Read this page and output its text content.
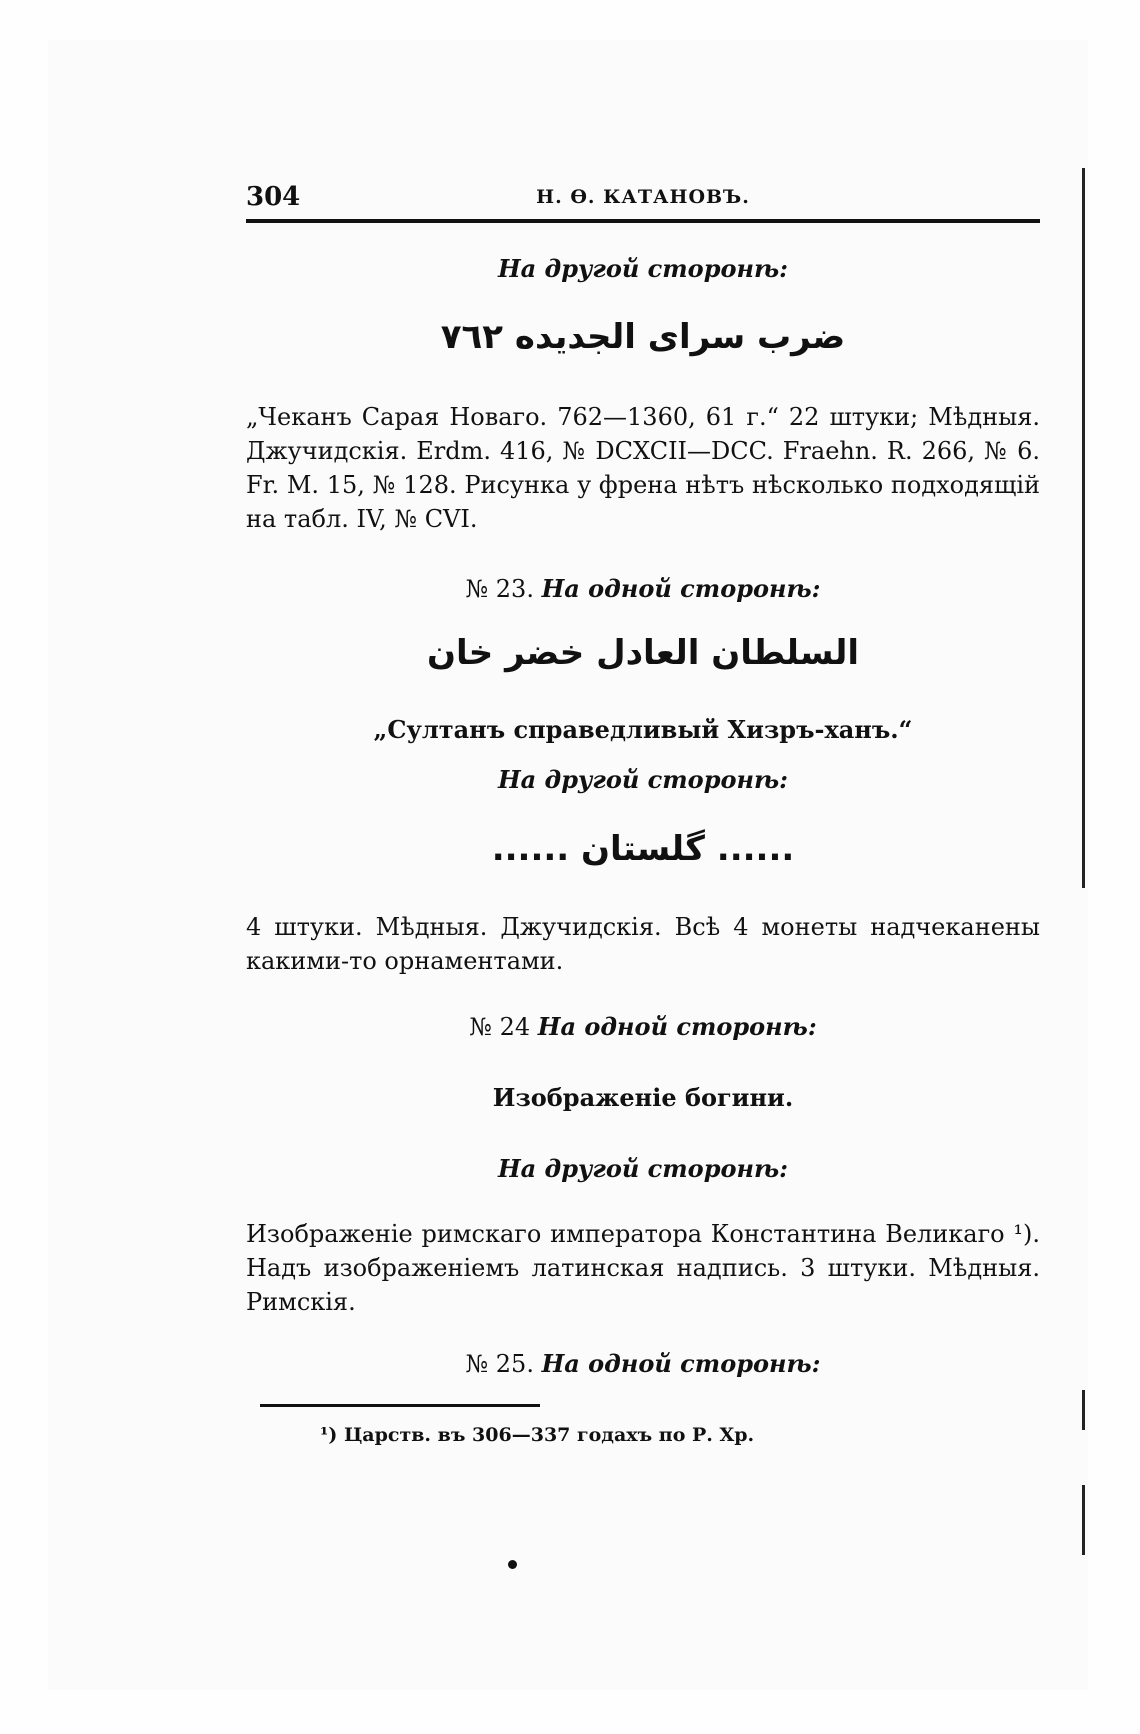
304	Н. Ѳ. КАТАНОВЪ.
На другой сторонѣ:
ضرب سراى الجديده ٧٦٢
„Чеканъ Сарая Новаго. 762—1360, 61 г.“ 22 штуки; Мѣдныя. Джучидскія. Erdm. 416, № DCXCII—DCC. Fraehn. R. 266, № 6. Fr. M. 15, № 128. Рисунка у френа нѣтъ нѣсколько подходящій на табл. IV, № CVI.
№ 23. На одной сторонѣ:
السلطان العادل خضر خان
„Султанъ справедливый Хизръ-ханъ.“
На другой сторонѣ:
...... گلستان ......
4 штуки. Мѣдныя. Джучидскія. Всѣ 4 монеты надчеканены какими-то орнаментами.
№ 24 На одной сторонѣ:
Изображеніе богини.
На другой сторонѣ:
Изображеніе римскаго императора Константина Великаго ¹). Надъ изображеніемъ латинская надпись. 3 штуки. Мѣдныя. Римскія.
№ 25. На одной сторонѣ:
¹) Царств. въ 306—337 годахъ по Р. Хр.
